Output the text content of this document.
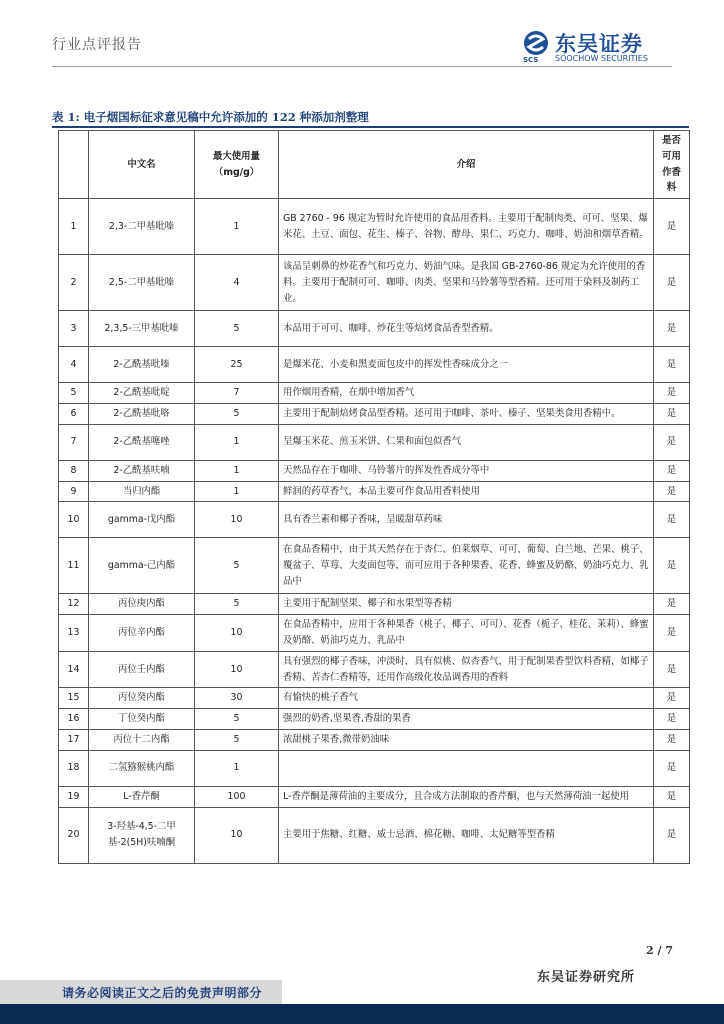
行业点评报告
SCS
东吴证券
SOOCHOW SECURITIES
表 1: 电子烟国标征求意见稿中允许添加的 122 种添加剂整理
	中文名	最大使用量（mg/g）	介绍	是否可用作香料
1	2,3-二甲基吡嗪	1	GB 2760 - 96 规定为暂时允许使用的食品用香料。主要用于配制肉类、可可、坚果、爆米花、土豆、面包、花生、榛子、谷物、酵母、果仁、巧克力、咖啡、奶油和烟草香精。	是
2	2,5-二甲基吡嗪	4	该品呈刺鼻的炒花香气和巧克力、奶油气味。是我国 GB-2760-86 规定为允许使用的香料。主要用于配制可可、咖啡、肉类、坚果和马铃薯等型香精。还可用于染料及制药工业。	是
3	2,3,5-三甲基吡嗪	5	本品用于可可、咖啡、炒花生等焙烤食品香型香精。	是
4	2-乙酰基吡嗪	25	是爆米花、小麦和黑麦面包皮中的挥发性香味成分之一	是
5	2-乙酰基吡啶	7	用作烟用香精，在烟中增加香气	是
6	2-乙酰基吡咯	5	主要用于配制焙烤食品型香精。还可用于咖啡、茶叶、榛子、坚果类食用香精中。	是
7	2-乙酰基噻唑	1	呈爆玉米花、煎玉米饼、仁果和面包似香气	是
8	2-乙酰基呋喃	1	天然品存在于咖啡、马铃薯片的挥发性香成分等中	是
9	当归内酯	1	鲜润的药草香气，本品主要可作食品用香料使用	是
10	gamma-戊内酯	10	具有香兰素和椰子香味，呈暖甜草药味	是
11	gamma-己内酯	5	在食品香精中，由于其天然存在于杏仁、伯莱烟草、可可、葡萄、白兰地、芒果、桃子、覆盆子、草莓、大麦面包等，而可应用于各种果香、花香、蜂蜜及奶酪、奶油巧克力、乳品中	是
12	丙位庚内酯	5	主要用于配制坚果、椰子和水果型等香精	是
13	丙位辛内酯	10	在食品香精中，应用于各种果香（桃子、椰子、可可）、花香（栀子、桂花、茉莉）、蜂蜜及奶酪、奶油巧克力、乳品中	是
14	丙位壬内酯	10	具有强烈的椰子香味，冲淡时，具有似桃、似杏香气，用于配制果香型饮料香精，如椰子香精、苦杏仁香精等，还用作高级化妆品调香用的香料	是
15	丙位癸内酯	30	有愉快的桃子香气	是
16	丁位癸内酯	5	强烈的奶香,坚果香,香甜的果香	是
17	丙位十二内酯	5	浓甜桃子果香,微带奶油味	是
18	二氢猕猴桃内酯	1		是
19	L-香芹酮	100	L-香芹酮是薄荷油的主要成分，且合成方法制取的香芹酮，也与天然薄荷油一起使用	是
20	3-羟基-4,5-二甲基-2(5H)呋喃酮	10	主要用于焦糖、红糖、威士忌酒、棉花糖、咖啡、太妃糖等型香精	是
2 / 7
东吴证券研究所
请务必阅读正文之后的免责声明部分
